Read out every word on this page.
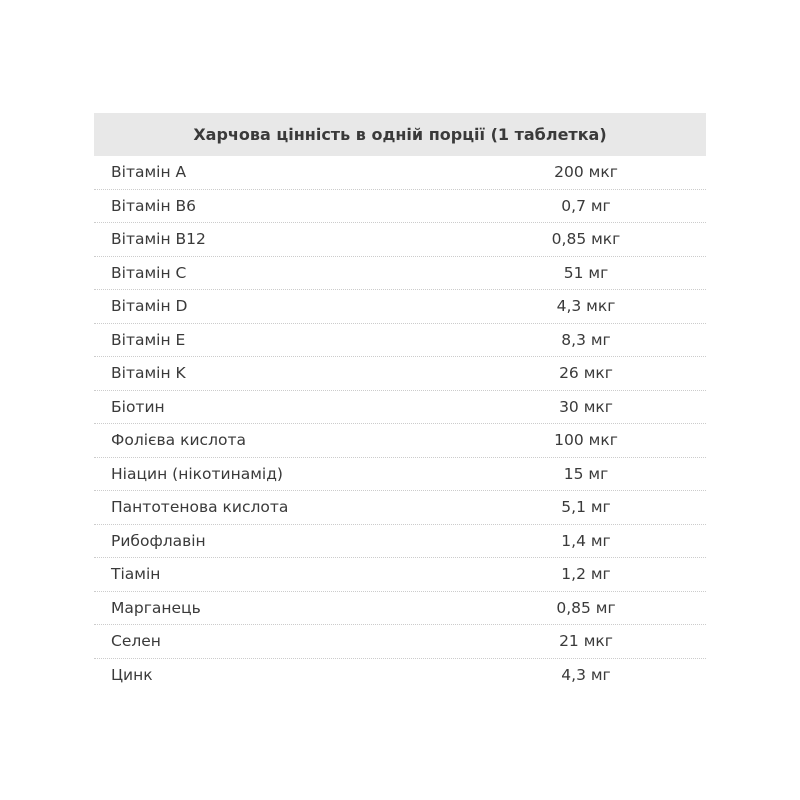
Харчова цінність в одній порції (1 таблетка)
Вітамін A	200 мкг
Вітамін B6	0,7 мг
Вітамін B12	0,85 мкг
Вітамін C	51 мг
Вітамін D	4,3 мкг
Вітамін E	8,3 мг
Вітамін K	26 мкг
Біотин	30 мкг
Фолієва кислота	100 мкг
Ніацин (нікотинамід)	15 мг
Пантотенова кислота	5,1 мг
Рибофлавін	1,4 мг
Тіамін	1,2 мг
Марганець	0,85 мг
Селен	21 мкг
Цинк	4,3 мг
